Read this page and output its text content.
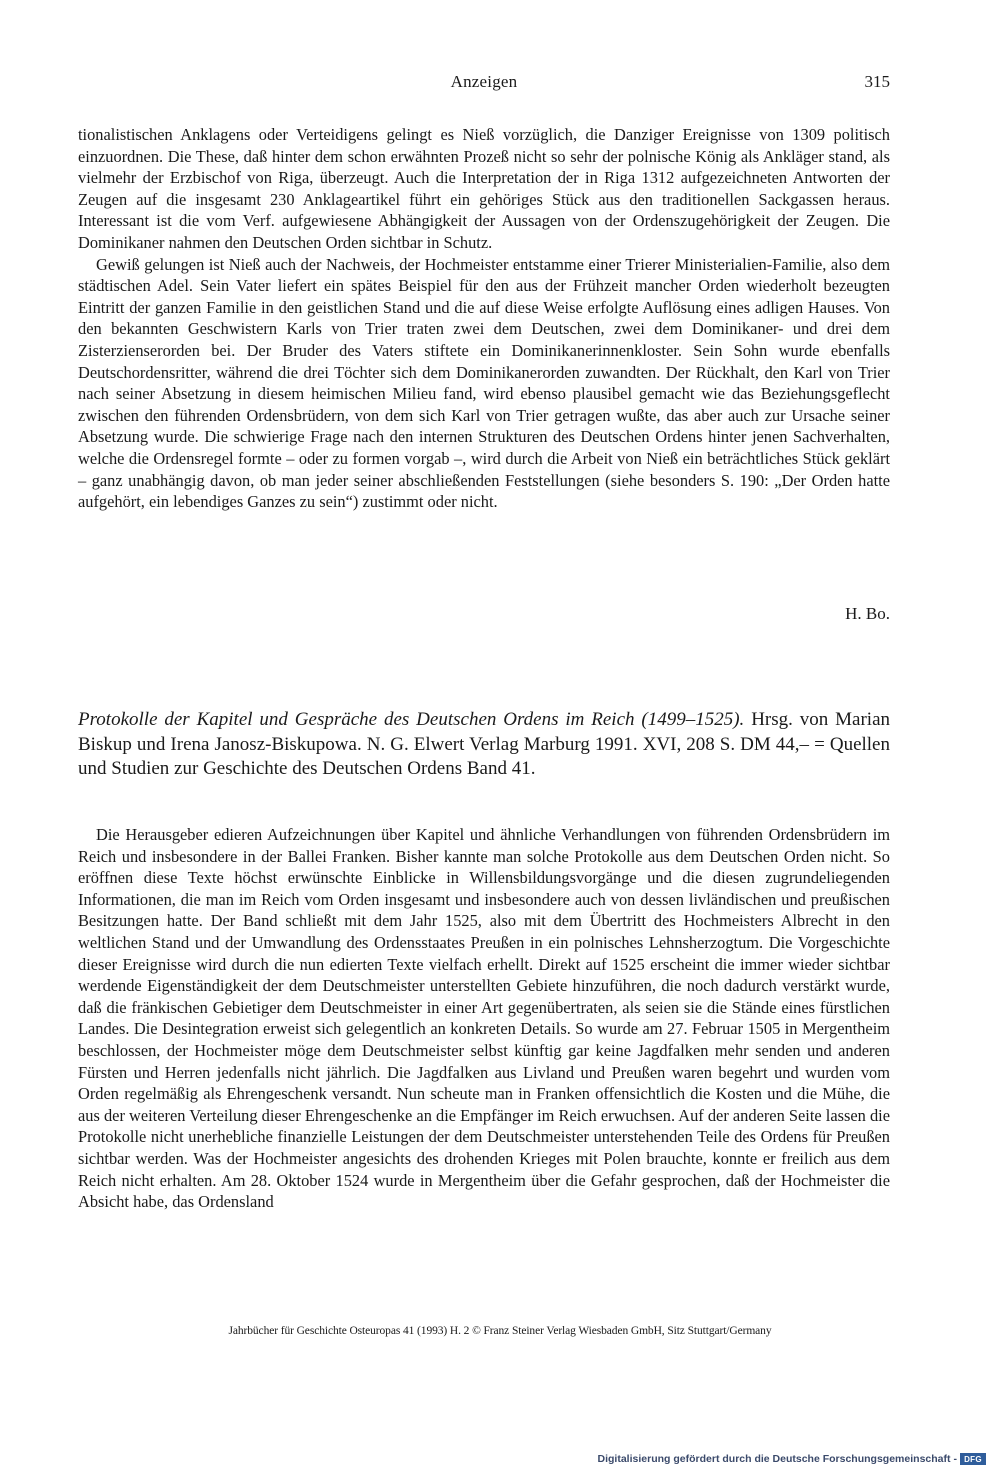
Anzeigen	315

tionalistischen Anklagens oder Verteidigens gelingt es Nieß vorzüglich, die Danziger Ereignisse von 1309 politisch einzuordnen. Die These, daß hinter dem schon erwähnten Prozeß nicht so sehr der polnische König als Ankläger stand, als vielmehr der Erzbischof von Riga, überzeugt. Auch die Interpretation der in Riga 1312 aufgezeichneten Antworten der Zeugen auf die insgesamt 230 Anklageartikel führt ein gehöriges Stück aus den traditionellen Sackgassen heraus. Interessant ist die vom Verf. aufgewiesene Abhängigkeit der Aussagen von der Ordenszugehörigkeit der Zeugen. Die Dominikaner nahmen den Deutschen Orden sichtbar in Schutz.

Gewiß gelungen ist Nieß auch der Nachweis, der Hochmeister entstamme einer Trierer Ministerialien-Familie, also dem städtischen Adel. Sein Vater liefert ein spätes Beispiel für den aus der Frühzeit mancher Orden wiederholt bezeugten Eintritt der ganzen Familie in den geistlichen Stand und die auf diese Weise erfolgte Auflösung eines adligen Hauses. Von den bekannten Geschwistern Karls von Trier traten zwei dem Deutschen, zwei dem Dominikaner- und drei dem Zisterzienserorden bei. Der Bruder des Vaters stiftete ein Dominikanerinnenkloster. Sein Sohn wurde ebenfalls Deutschordensritter, während die drei Töchter sich dem Dominikanerorden zuwandten. Der Rückhalt, den Karl von Trier nach seiner Absetzung in diesem heimischen Milieu fand, wird ebenso plausibel gemacht wie das Beziehungsgeflecht zwischen den führenden Ordensbrüdern, von dem sich Karl von Trier getragen wußte, das aber auch zur Ursache seiner Absetzung wurde. Die schwierige Frage nach den internen Strukturen des Deutschen Ordens hinter jenen Sachverhalten, welche die Ordensregel formte – oder zu formen vorgab –, wird durch die Arbeit von Nieß ein beträchtliches Stück geklärt – ganz unabhängig davon, ob man jeder seiner abschließenden Feststellungen (siehe besonders S. 190: „Der Orden hatte aufgehört, ein lebendiges Ganzes zu sein“) zustimmt oder nicht.

H. Bo.
Protokolle der Kapitel und Gespräche des Deutschen Ordens im Reich (1499–1525). Hrsg. von Marian Biskup und Irena Janosz-Biskupowa. N. G. Elwert Verlag Marburg 1991. XVI, 208 S. DM 44,– = Quellen und Studien zur Geschichte des Deutschen Ordens Band 41.

Die Herausgeber edieren Aufzeichnungen über Kapitel und ähnliche Verhandlungen von führenden Ordensbrüdern im Reich und insbesondere in der Ballei Franken. Bisher kannte man solche Protokolle aus dem Deutschen Orden nicht. So eröffnen diese Texte höchst erwünschte Einblicke in Willensbildungsvorgänge und die diesen zugrundeliegenden Informationen, die man im Reich vom Orden insgesamt und insbesondere auch von dessen livländischen und preußischen Besitzungen hatte. Der Band schließt mit dem Jahr 1525, also mit dem Übertritt des Hochmeisters Albrecht in den weltlichen Stand und der Umwandlung des Ordensstaates Preußen in ein polnisches Lehnsherzogtum. Die Vorgeschichte dieser Ereignisse wird durch die nun edierten Texte vielfach erhellt. Direkt auf 1525 erscheint die immer wieder sichtbar werdende Eigenständigkeit der dem Deutschmeister unterstellten Gebiete hinzuführen, die noch dadurch verstärkt wurde, daß die fränkischen Gebietiger dem Deutschmeister in einer Art gegenübertraten, als seien sie die Stände eines fürstlichen Landes. Die Desintegration erweist sich gelegentlich an konkreten Details. So wurde am 27. Februar 1505 in Mergentheim beschlossen, der Hochmeister möge dem Deutschmeister selbst künftig gar keine Jagdfalken mehr senden und anderen Fürsten und Herren jedenfalls nicht jährlich. Die Jagdfalken aus Livland und Preußen waren begehrt und wurden vom Orden regelmäßig als Ehrengeschenk versandt. Nun scheute man in Franken offensichtlich die Kosten und die Mühe, die aus der weiteren Verteilung dieser Ehrengeschenke an die Empfänger im Reich erwuchsen. Auf der anderen Seite lassen die Protokolle nicht unerhebliche finanzielle Leistungen der dem Deutschmeister unterstehenden Teile des Ordens für Preußen sichtbar werden. Was der Hochmeister angesichts des drohenden Krieges mit Polen brauchte, konnte er freilich aus dem Reich nicht erhalten. Am 28. Oktober 1524 wurde in Mergentheim über die Gefahr gesprochen, daß der Hochmeister die Absicht habe, das Ordensland

Jahrbücher für Geschichte Osteuropas 41 (1993) H. 2 © Franz Steiner Verlag Wiesbaden GmbH, Sitz Stuttgart/Germany
Digitalisierung gefördert durch die Deutsche Forschungsgemeinschaft - DFG
